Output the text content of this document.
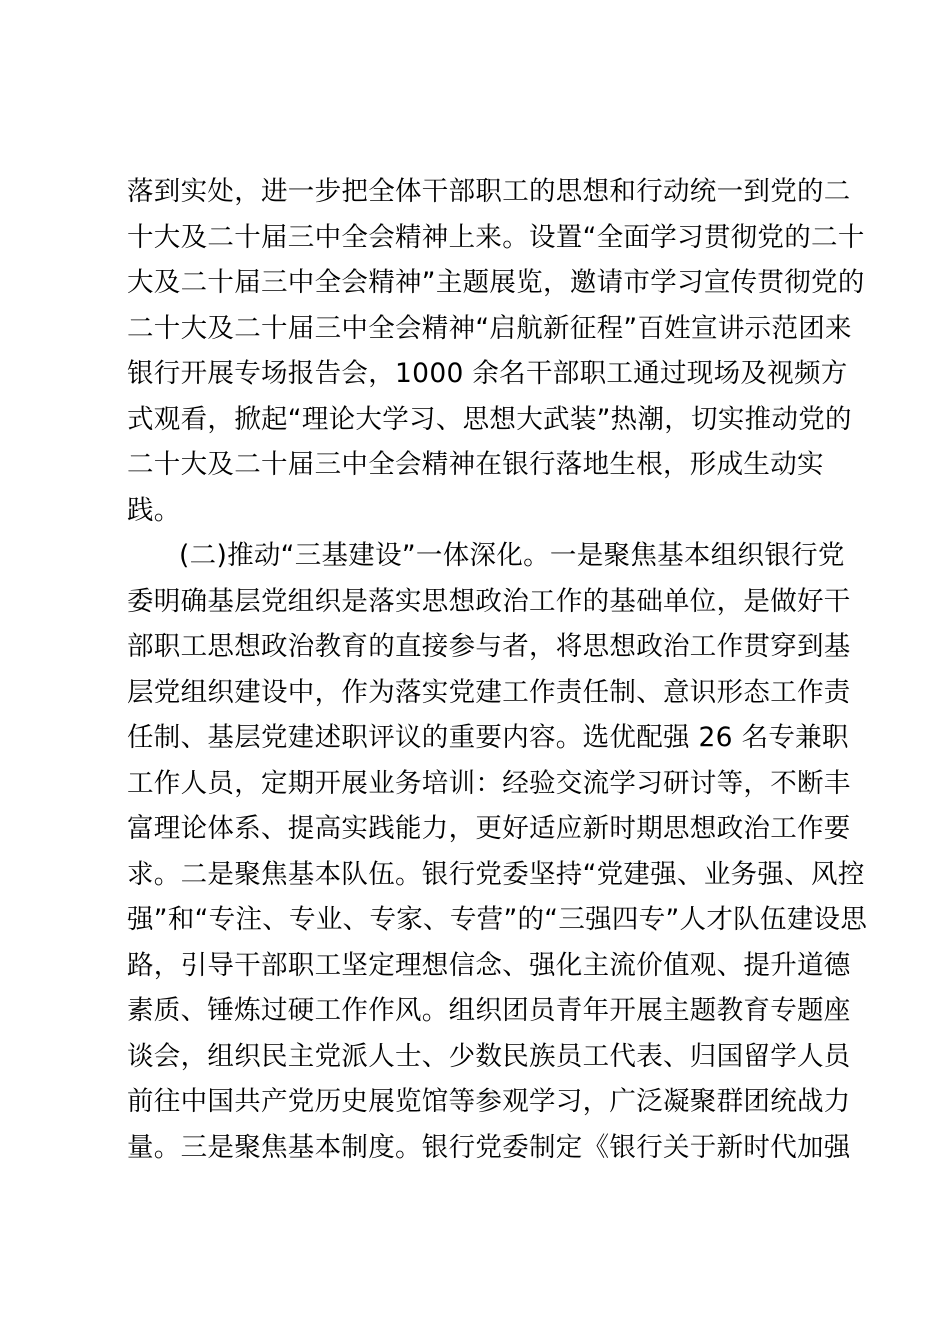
落到实处，进一步把全体干部职工的思想和行动统一到党的二
十大及二十届三中全会精神上来。设置“全面学习贯彻党的二十
大及二十届三中全会精神”主题展览，邀请市学习宣传贯彻党的
二十大及二十届三中全会精神“启航新征程”百姓宣讲示范团来
银行开展专场报告会，1000 余名干部职工通过现场及视频方
式观看，掀起“理论大学习、思想大武装”热潮，切实推动党的
二十大及二十届三中全会精神在银行落地生根，形成生动实
践。
(二)推动“三基建设”一体深化。一是聚焦基本组织银行党
委明确基层党组织是落实思想政治工作的基础单位，是做好干
部职工思想政治教育的直接参与者，将思想政治工作贯穿到基
层党组织建设中，作为落实党建工作责任制、意识形态工作责
任制、基层党建述职评议的重要内容。选优配强 26 名专兼职
工作人员，定期开展业务培训：经验交流学习研讨等，不断丰
富理论体系、提高实践能力，更好适应新时期思想政治工作要
求。二是聚焦基本队伍。银行党委坚持“党建强、业务强、风控
强”和“专注、专业、专家、专营”的“三强四专”人才队伍建设思
路，引导干部职工坚定理想信念、强化主流价值观、提升道德
素质、锤炼过硬工作作风。组织团员青年开展主题教育专题座
谈会，组织民主党派人士、少数民族员工代表、归国留学人员
前往中国共产党历史展览馆等参观学习，广泛凝聚群团统战力
量。三是聚焦基本制度。银行党委制定《银行关于新时代加强
